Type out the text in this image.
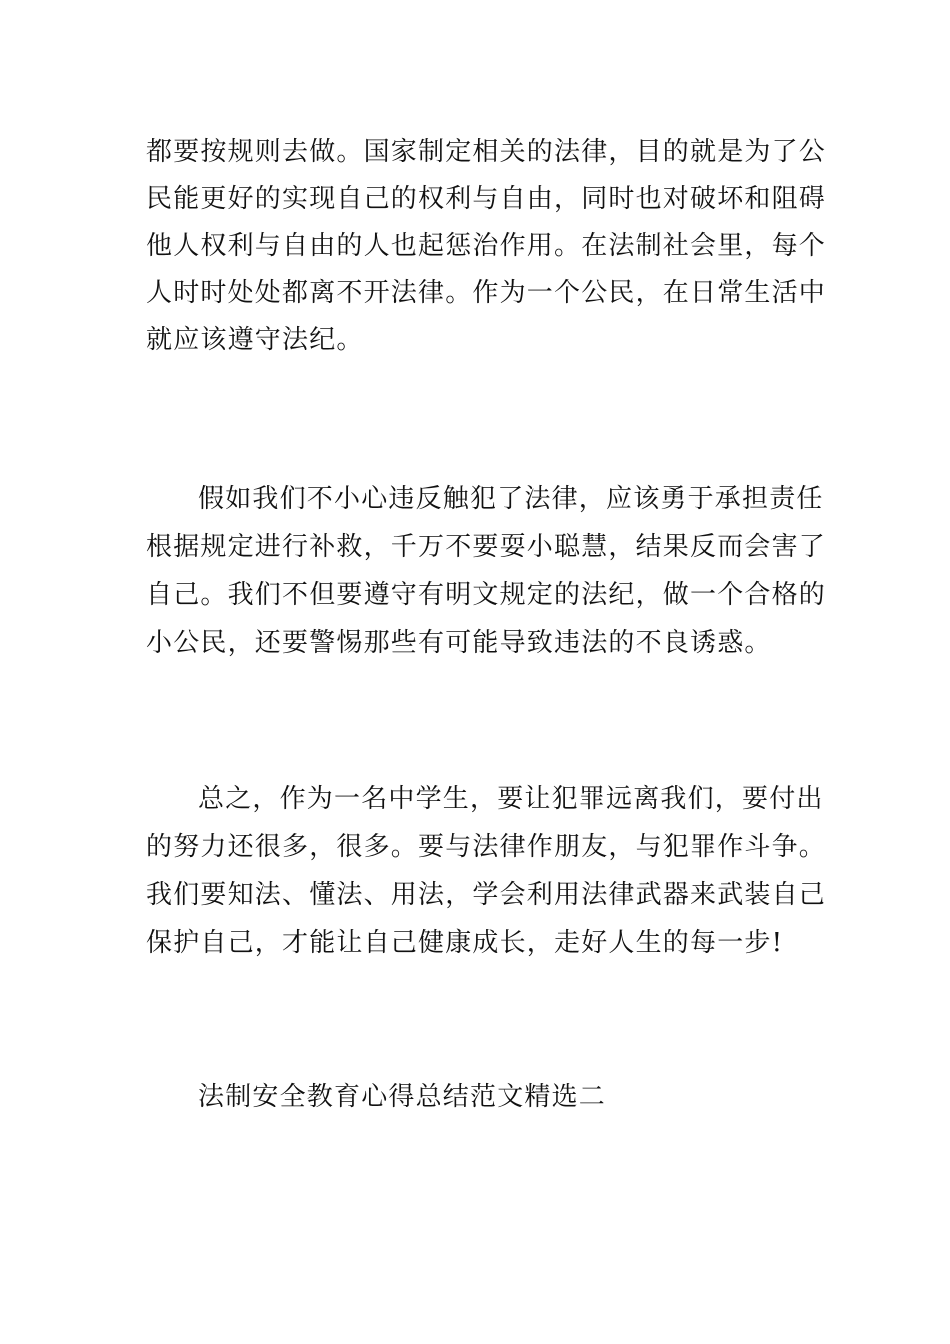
都要按规则去做。国家制定相关的法律，目的就是为了公
民能更好的实现自己的权利与自由，同时也对破坏和阻碍
他人权利与自由的人也起惩治作用。在法制社会里，每个
人时时处处都离不开法律。作为一个公民，在日常生活中
就应该遵守法纪。
假如我们不小心违反触犯了法律，应该勇于承担责任
根据规定进行补救，千万不要耍小聪慧，结果反而会害了
自己。我们不但要遵守有明文规定的法纪，做一个合格的
小公民，还要警惕那些有可能导致违法的不良诱惑。
总之，作为一名中学生，要让犯罪远离我们，要付出
的努力还很多，很多。要与法律作朋友，与犯罪作斗争。
我们要知法、懂法、用法，学会利用法律武器来武装自己
保护自己，才能让自己健康成长，走好人生的每一步!
法制安全教育心得总结范文精选二
